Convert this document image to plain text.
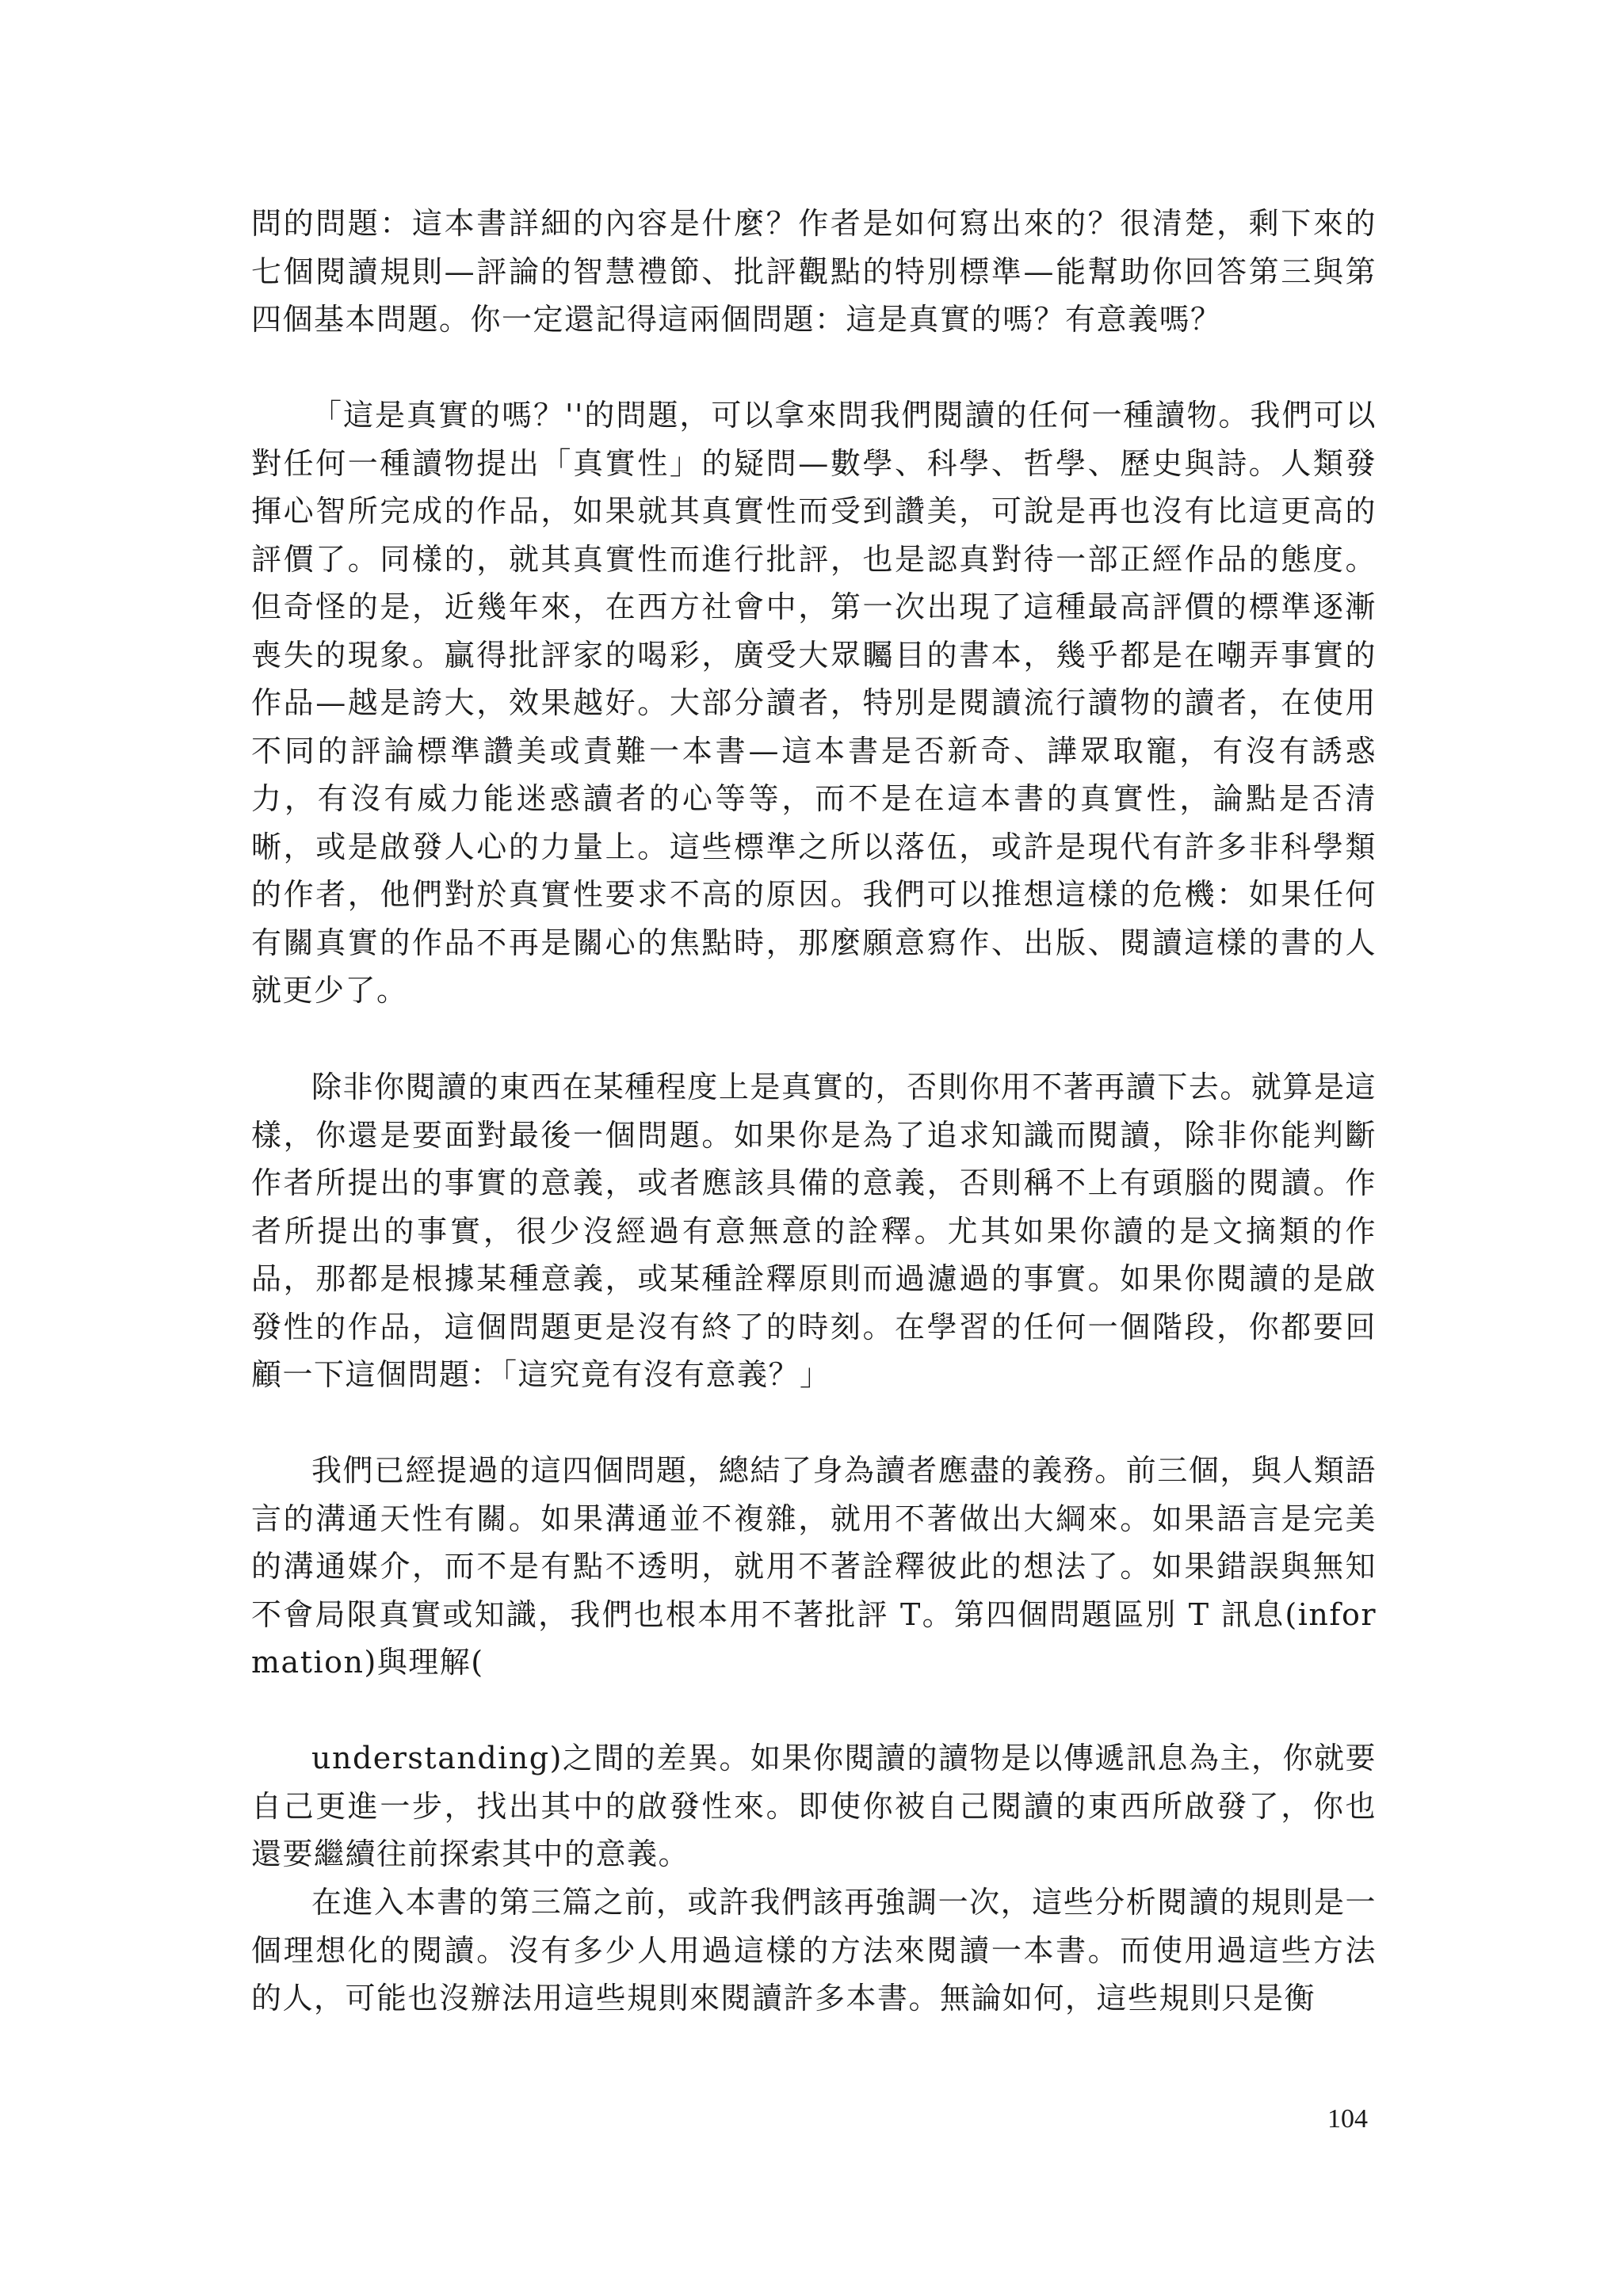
問的問題：這本書詳細的內容是什麼？作者是如何寫出來的？很清楚，剩下來的七個閱讀規則—評論的智慧禮節、批評觀點的特別標準—能幫助你回答第三與第四個基本問題。你一定還記得這兩個問題：這是真實的嗎？有意義嗎？

「這是真實的嗎？''的問題，可以拿來問我們閱讀的任何一種讀物。我們可以對任何一種讀物提出「真實性」的疑問—數學、科學、哲學、歷史與詩。人類發揮心智所完成的作品，如果就其真實性而受到讚美，可說是再也沒有比這更高的評價了。同樣的，就其真實性而進行批評，也是認真對待一部正經作品的態度。但奇怪的是，近幾年來，在西方社會中，第一次出現了這種最高評價的標準逐漸喪失的現象。贏得批評家的喝彩，廣受大眾矚目的書本，幾乎都是在嘲弄事實的作品—越是誇大，效果越好。大部分讀者，特別是閱讀流行讀物的讀者，在使用不同的評論標準讚美或責難一本書—這本書是否新奇、譁眾取寵，有沒有誘惑力，有沒有威力能迷惑讀者的心等等，而不是在這本書的真實性，論點是否清晰，或是啟發人心的力量上。這些標準之所以落伍，或許是現代有許多非科學類的作者，他們對於真實性要求不高的原因。我們可以推想這樣的危機：如果任何有關真實的作品不再是關心的焦點時，那麼願意寫作、出版、閱讀這樣的書的人就更少了。

除非你閱讀的東西在某種程度上是真實的，否則你用不著再讀下去。就算是這樣，你還是要面對最後一個問題。如果你是為了追求知識而閱讀，除非你能判斷作者所提出的事實的意義，或者應該具備的意義，否則稱不上有頭腦的閱讀。作者所提出的事實，很少沒經過有意無意的詮釋。尤其如果你讀的是文摘類的作品，那都是根據某種意義，或某種詮釋原則而過濾過的事實。如果你閱讀的是啟發性的作品，這個問題更是沒有終了的時刻。在學習的任何一個階段，你都要回顧一下這個問題：「這究竟有沒有意義？」

我們已經提過的這四個問題，總結了身為讀者應盡的義務。前三個，與人類語言的溝通天性有關。如果溝通並不複雜，就用不著做出大綱來。如果語言是完美的溝通媒介，而不是有點不透明，就用不著詮釋彼此的想法了。如果錯誤與無知不會局限真實或知識，我們也根本用不著批評 T。第四個問題區別 T 訊息(information)與理解(

understanding)之間的差異。如果你閱讀的讀物是以傳遞訊息為主，你就要自己更進一步，找出其中的啟發性來。即使你被自己閱讀的東西所啟發了，你也還要繼續往前探索其中的意義。

在進入本書的第三篇之前，或許我們該再強調一次，這些分析閱讀的規則是一個理想化的閱讀。沒有多少人用過這樣的方法來閱讀一本書。而使用過這些方法的人，可能也沒辦法用這些規則來閱讀許多本書。無論如何，這些規則只是衡

104
